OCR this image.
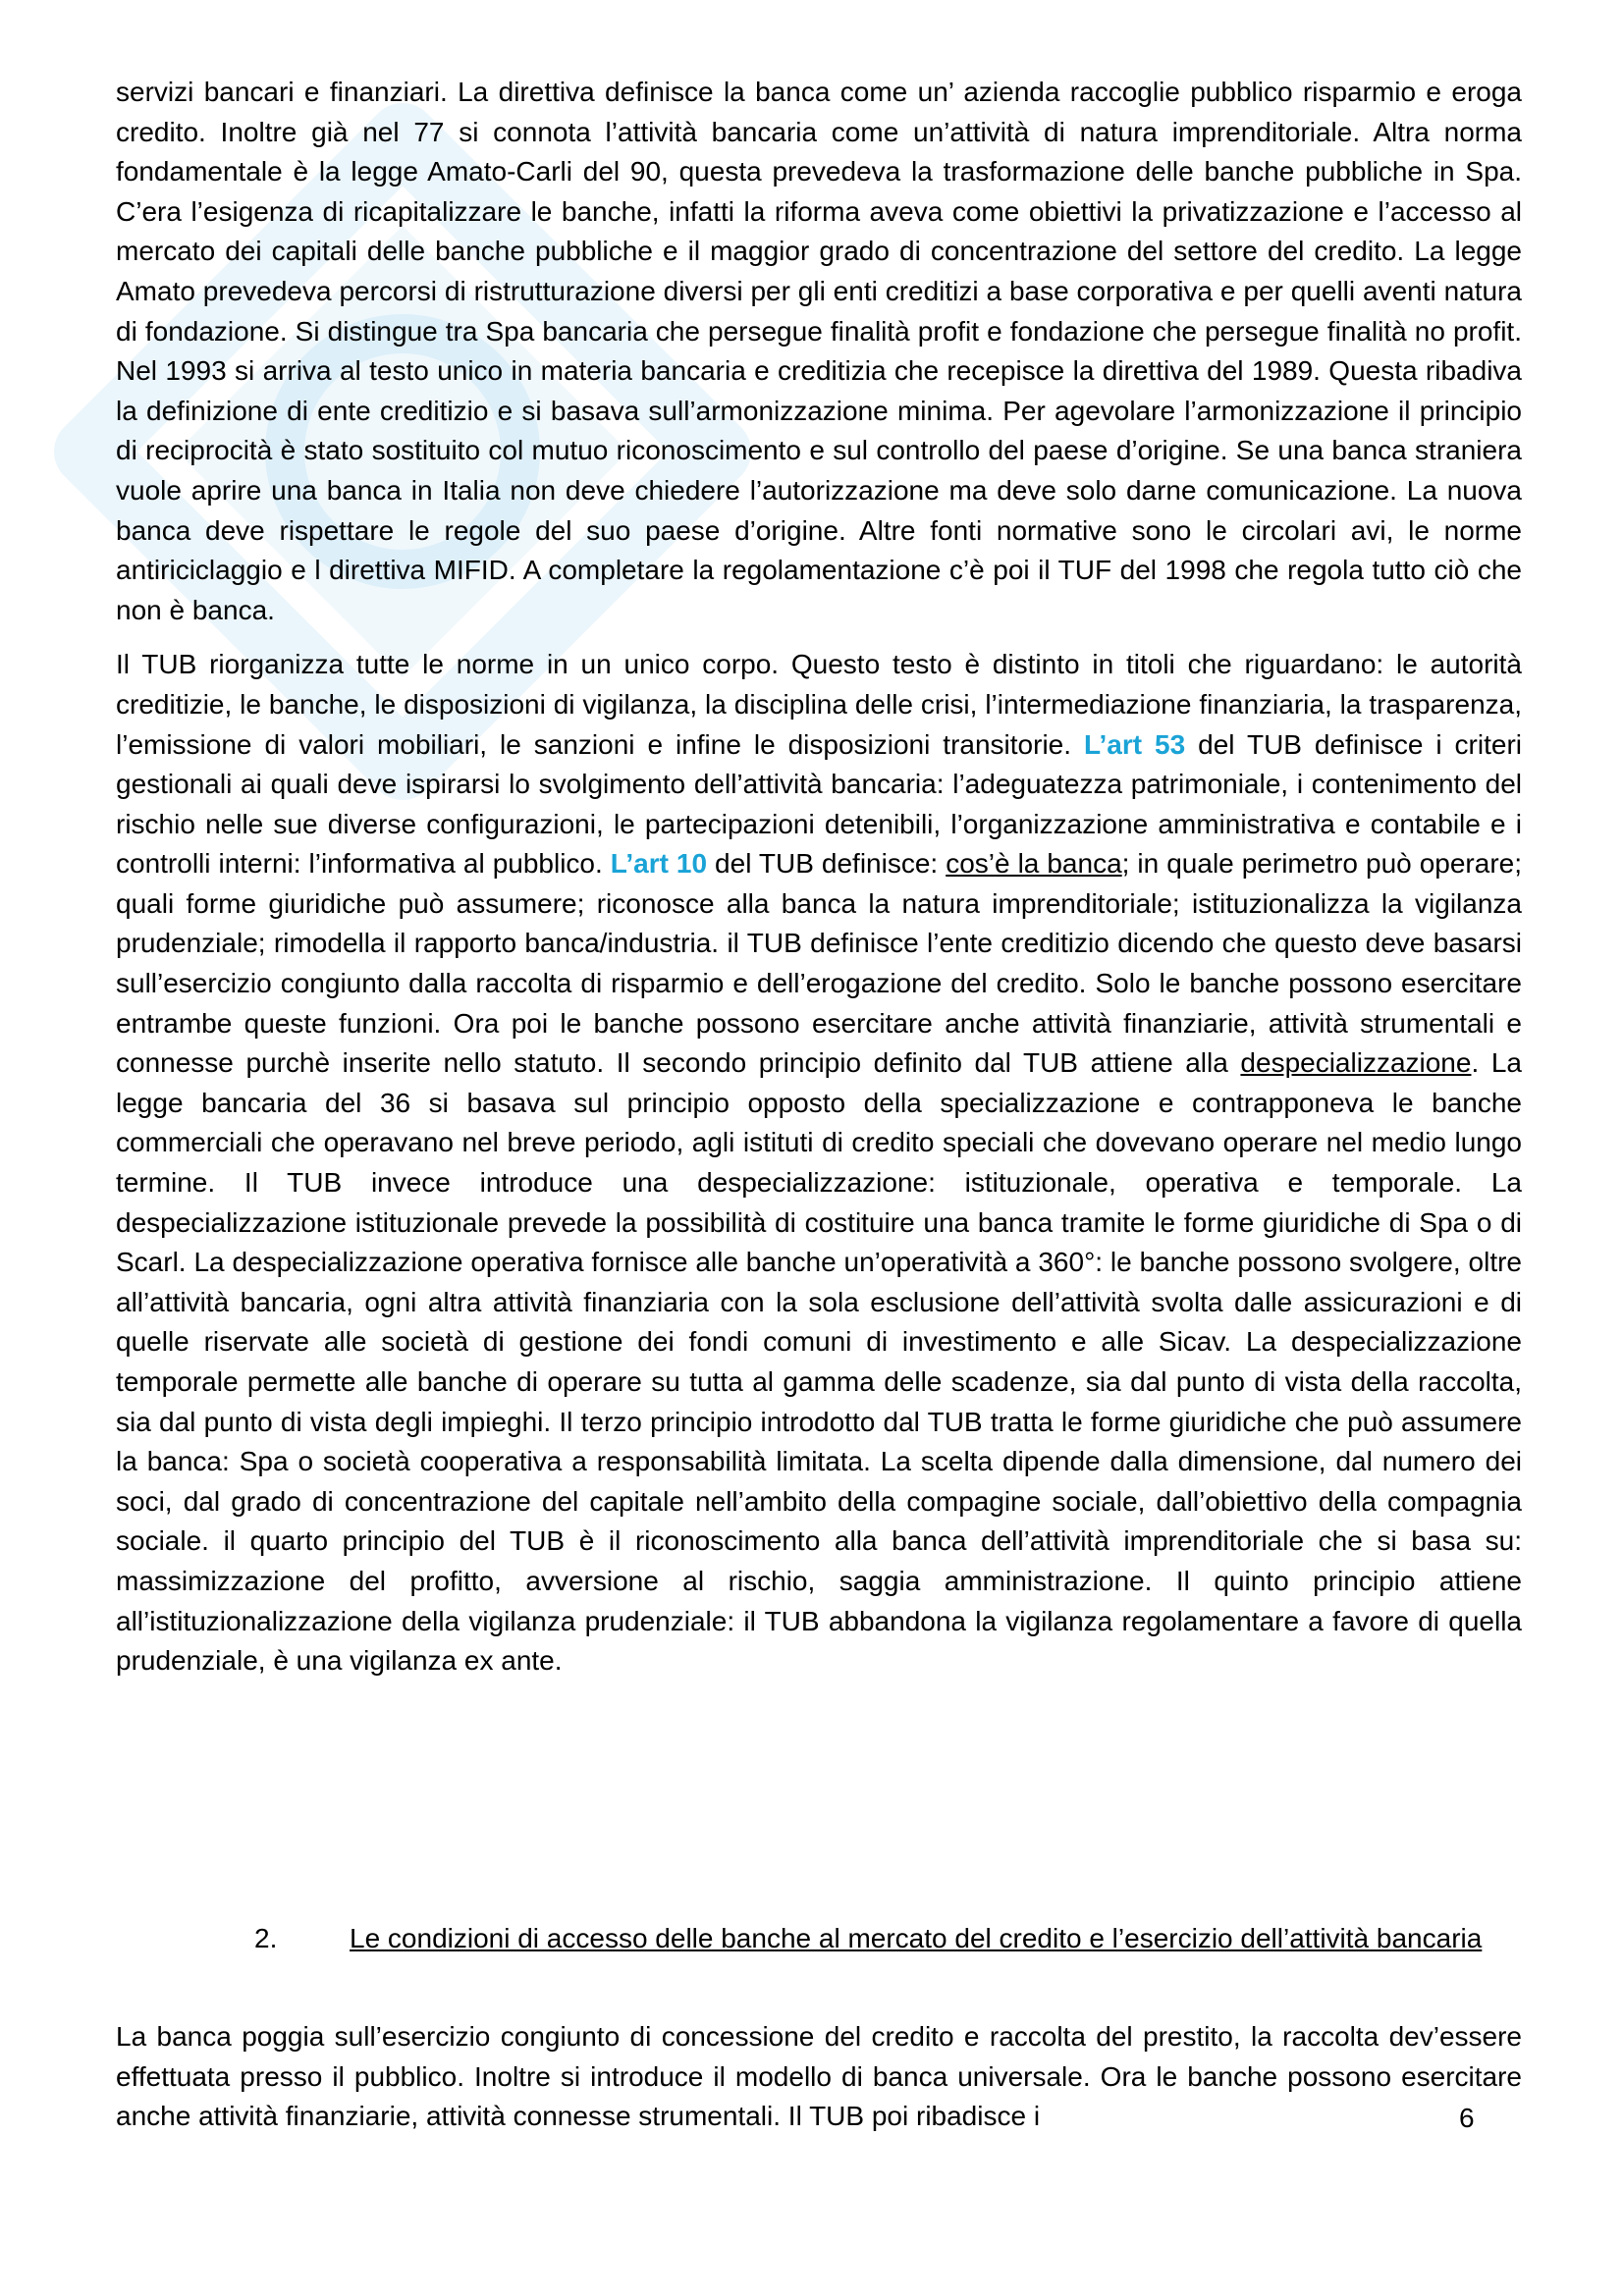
servizi bancari e finanziari. La direttiva definisce la banca come un’ azienda raccoglie pubblico risparmio e eroga credito. Inoltre già nel 77 si connota l’attività bancaria come un’attività di natura imprenditoriale. Altra norma fondamentale è la legge Amato-Carli del 90, questa prevedeva la trasformazione delle banche pubbliche in Spa. C’era l’esigenza di ricapitalizzare le banche, infatti la riforma aveva come obiettivi la privatizzazione e l’accesso al mercato dei capitali delle banche pubbliche e il maggior grado di concentrazione del settore del credito. La legge Amato prevedeva percorsi di ristrutturazione diversi per gli enti creditizi a base corporativa e per quelli aventi natura di fondazione. Si distingue tra Spa bancaria che persegue finalità profit e fondazione che persegue finalità no profit. Nel 1993 si arriva al testo unico in materia bancaria e creditizia che recepisce la direttiva del 1989. Questa ribadiva la definizione di ente creditizio e si basava sull’armonizzazione minima. Per agevolare l’armonizzazione il principio di reciprocità è stato sostituito col mutuo riconoscimento e sul controllo del paese d’origine. Se una banca straniera vuole aprire una banca in Italia non deve chiedere l’autorizzazione ma deve solo darne comunicazione. La nuova banca deve rispettare le regole del suo paese d’origine. Altre fonti normative sono le circolari avi, le norme antiriciclaggio e l direttiva MIFID. A completare la regolamentazione c’è poi il TUF del 1998 che regola tutto ciò che non è banca.

Il TUB riorganizza tutte le norme in un unico corpo. Questo testo è distinto in titoli che riguardano: le autorità creditizie, le banche, le disposizioni di vigilanza, la disciplina delle crisi, l’intermediazione finanziaria, la trasparenza, l’emissione di valori mobiliari, le sanzioni e infine le disposizioni transitorie. L’art 53 del TUB definisce i criteri gestionali ai quali deve ispirarsi lo svolgimento dell’attività bancaria: l’adeguatezza patrimoniale, i contenimento del rischio nelle sue diverse configurazioni, le partecipazioni detenibili, l’organizzazione amministrativa e contabile e i controlli interni: l’informativa al pubblico. L’art 10 del TUB definisce: cos’è la banca; in quale perimetro può operare; quali forme giuridiche può assumere; riconosce alla banca la natura imprenditoriale; istituzionalizza la vigilanza prudenziale; rimodella il rapporto banca/industria. il TUB definisce l’ente creditizio dicendo che questo deve basarsi sull’esercizio congiunto dalla raccolta di risparmio e dell’erogazione del credito. Solo le banche possono esercitare entrambe queste funzioni. Ora poi le banche possono esercitare anche attività finanziarie, attività strumentali e connesse purchè inserite nello statuto. Il secondo principio definito dal TUB attiene alla despecializzazione. La legge bancaria del 36 si basava sul principio opposto della specializzazione e contrapponeva le banche commerciali che operavano nel breve periodo, agli istituti di credito speciali che dovevano operare nel medio lungo termine. Il TUB invece introduce una despecializzazione: istituzionale, operativa e temporale. La despecializzazione istituzionale prevede la possibilità di costituire una banca tramite le forme giuridiche di Spa o di Scarl. La despecializzazione operativa fornisce alle banche un’operatività a 360°: le banche possono svolgere, oltre all’attività bancaria, ogni altra attività finanziaria con la sola esclusione dell’attività svolta dalle assicurazioni e di quelle riservate alle società di gestione dei fondi comuni di investimento e alle Sicav. La despecializzazione temporale permette alle banche di operare su tutta al gamma delle scadenze, sia dal punto di vista della raccolta, sia dal punto di vista degli impieghi. Il terzo principio introdotto dal TUB tratta le forme giuridiche che può assumere la banca: Spa o società cooperativa a responsabilità limitata. La scelta dipende dalla dimensione, dal numero dei soci, dal grado di concentrazione del capitale nell’ambito della compagine sociale, dall’obiettivo della compagnia sociale. il quarto principio del TUB è il riconoscimento alla banca dell’attività imprenditoriale che si basa su: massimizzazione del profitto, avversione al rischio, saggia amministrazione. Il quinto principio attiene all’istituzionalizzazione della vigilanza prudenziale: il TUB abbandona la vigilanza regolamentare a favore di quella prudenziale, è una vigilanza ex ante.

2.	Le condizioni di accesso delle banche al mercato del credito e l’esercizio dell’attività bancaria
La banca poggia sull’esercizio congiunto di concessione del credito e raccolta del prestito, la raccolta dev’essere effettuata presso il pubblico. Inoltre si introduce il modello di banca universale. Ora le banche possono esercitare anche attività finanziarie, attività connesse strumentali. Il TUB poi ribadisce i	6
